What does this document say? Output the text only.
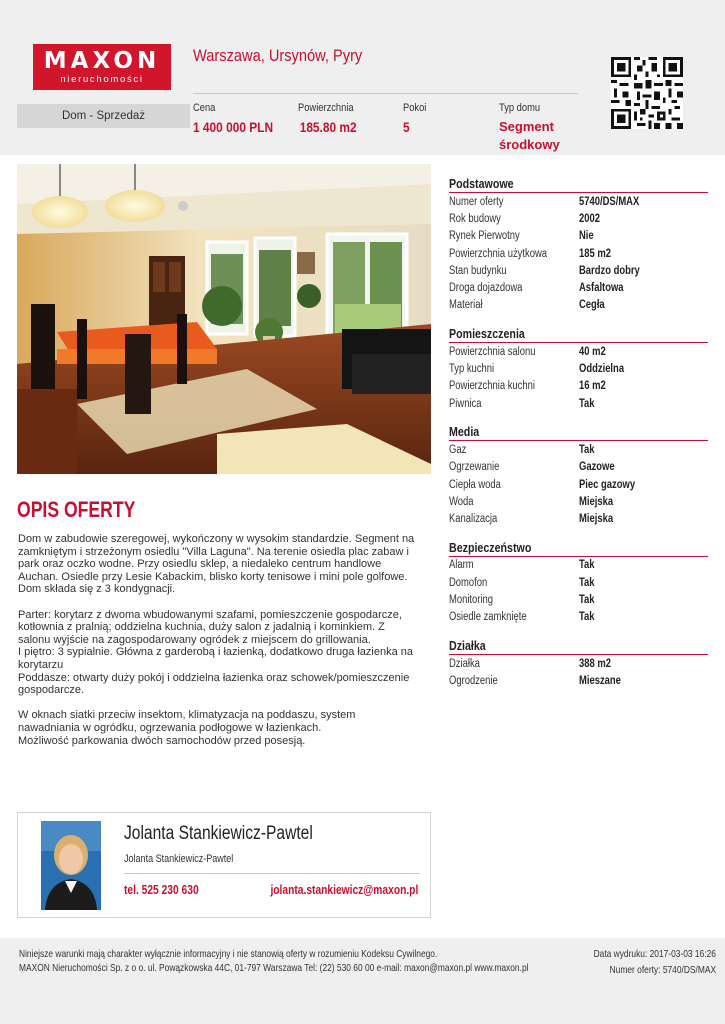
MAXON
nieruchomości
Warszawa, Ursynów, Pyry
Dom - Sprzedaż
Cena
1 400 000 PLN
Powierzchnia
185.80 m2
Pokoi
5
Typ domu
Segment środkowy
OPIS OFERTY

Dom w zabudowie szeregowej, wykończony w wysokim standardzie. Segment na zamkniętym i strzeżonym osiedlu "Villa Laguna". Na terenie osiedla plac zabaw i park oraz oczko wodne. Przy osiedlu sklep, a niedaleko centrum handlowe Auchan. Osiedle przy Lesie Kabackim, blisko korty tenisowe i mini pole golfowe. Dom składa się z 3 kondygnacji.

Parter: korytarz z dwoma wbudowanymi szafami, pomieszczenie gospodarcze, kotłownia z pralnią; oddzielna kuchnia, duży salon z jadalnią i kominkiem. Z salonu wyjście na zagospodarowany ogródek z miejscem do grillowania.
I piętro: 3 sypialnie. Główna z garderobą i łazienką, dodatkowo druga łazienka na korytarzu
Poddasze: otwarty duży pokój i oddzielna łazienka oraz schowek/pomieszczenie gospodarcze.

W oknach siatki przeciw insektom, klimatyzacja na poddaszu, system nawadniania w ogródku, ogrzewania podłogowe w łazienkach.
Możliwość parkowania dwóch samochodów przed posesją.

Podstawowe
Numer oferty	5740/DS/MAX
Rok budowy	2002
Rynek Pierwotny	Nie
Powierzchnia użytkowa	185 m2
Stan budynku	Bardzo dobry
Droga dojazdowa	Asfaltowa
Materiał	Cegła
Pomieszczenia
Powierzchnia salonu	40 m2
Typ kuchni	Oddzielna
Powierzchnia kuchni	16 m2
Piwnica	Tak
Media
Gaz	Tak
Ogrzewanie	Gazowe
Ciepła woda	Piec gazowy
Woda	Miejska
Kanalizacja	Miejska
Bezpieczeństwo
Alarm	Tak
Domofon	Tak
Monitoring	Tak
Osiedle zamknięte	Tak
Działka
Działka	388 m2
Ogrodzenie	Mieszane
Jolanta Stankiewicz-Pawtel
Jolanta Stankiewicz-Pawtel
tel. 525 230 630	jolanta.stankiewicz@maxon.pl
Niniejsze warunki mają charakter wyłącznie informacyjny i nie stanowią oferty w rozumieniu Kodeksu Cywilnego.
MAXON Nieruchomości Sp. z o o. ul. Powązkowska 44C, 01-797 Warszawa Tel: (22) 530 60 00 e-mail: maxon@maxon.pl www.maxon.pl
Data wydruku: 2017-03-03 16:26
Numer oferty: 5740/DS/MAX
